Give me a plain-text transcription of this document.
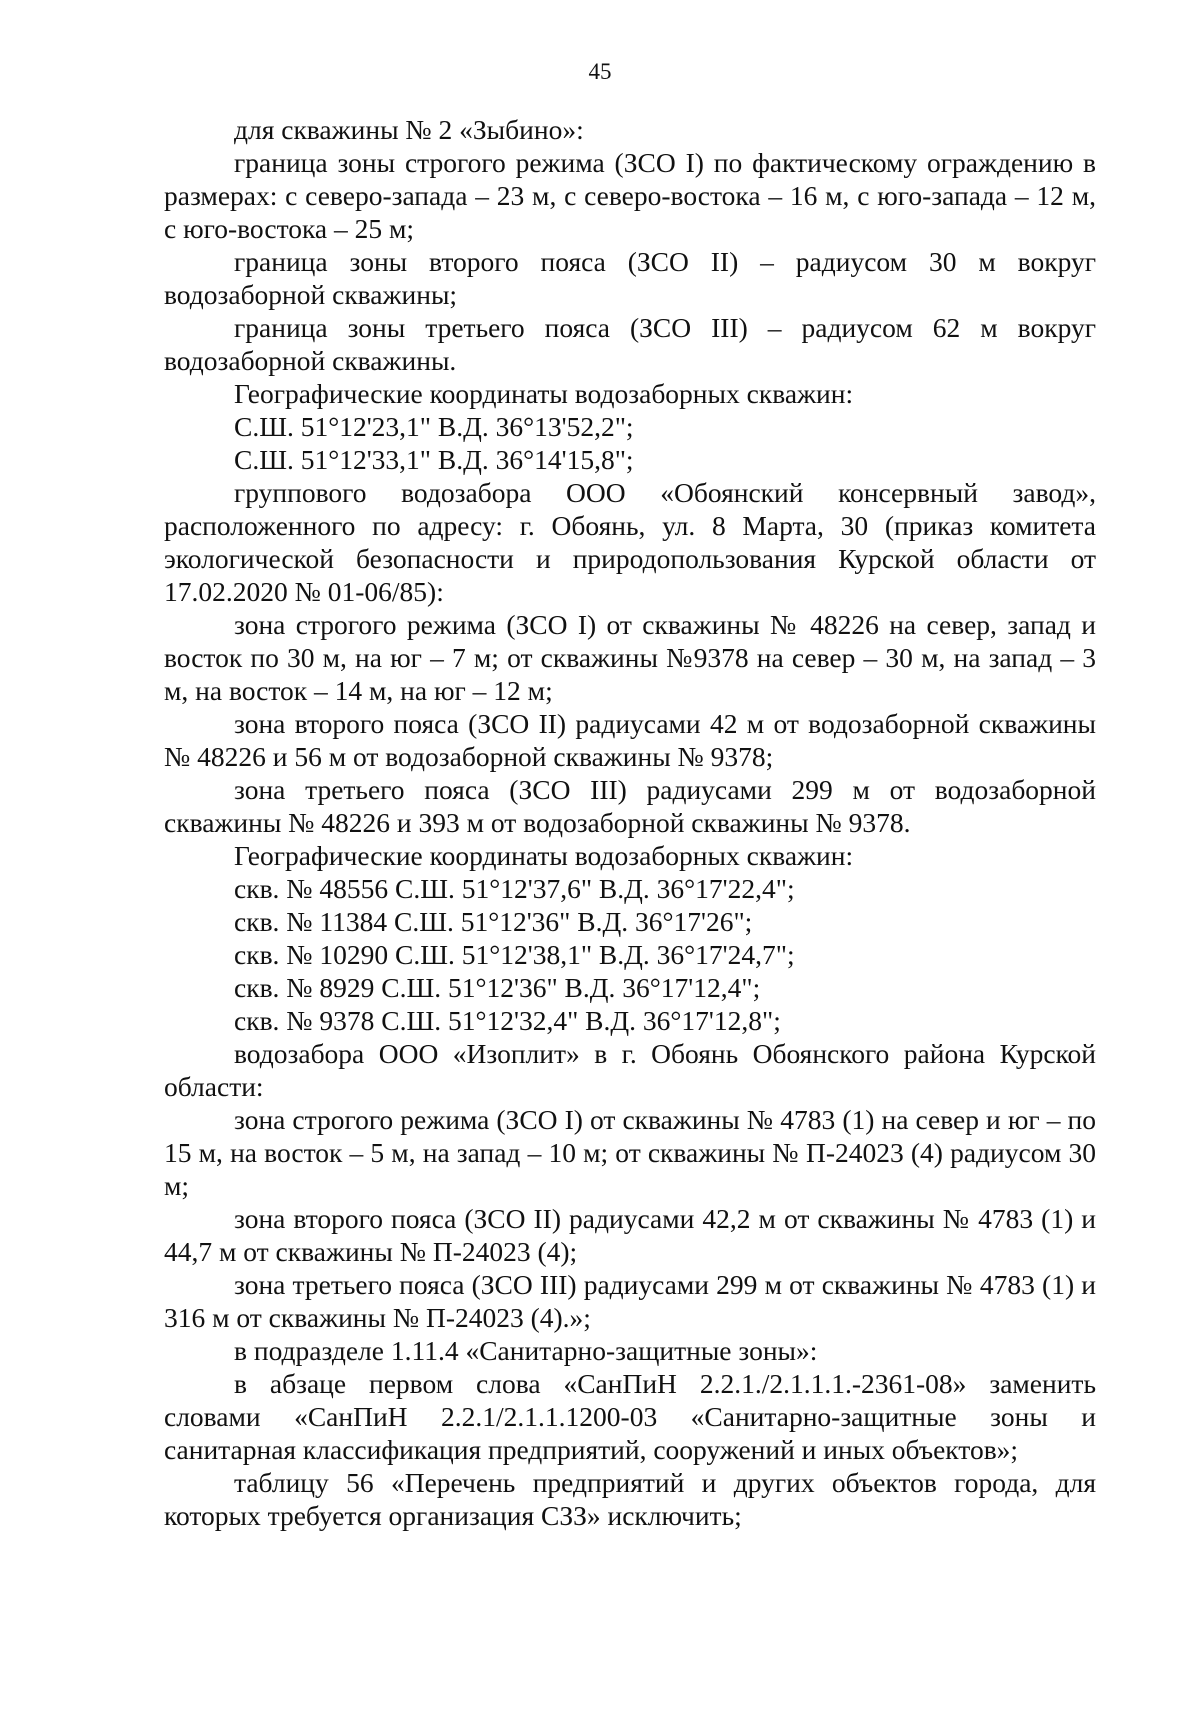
45

для скважины № 2 «Зыбино»:

граница зоны строгого режима (ЗСО I) по фактическому ограждению в размерах: с северо-запада – 23 м, с северо-востока – 16 м, с юго-запада – 12 м, с юго-востока – 25 м;

граница зоны второго пояса (ЗСО II) – радиусом 30 м вокруг водозаборной скважины;

граница зоны третьего пояса (ЗСО III) – радиусом 62 м вокруг водозаборной скважины.

Географические координаты водозаборных скважин:

С.Ш. 51°12'23,1" В.Д. 36°13'52,2";

С.Ш. 51°12'33,1" В.Д. 36°14'15,8";

группового водозабора ООО «Обоянский консервный завод», расположенного по адресу: г. Обоянь, ул. 8 Марта, 30 (приказ комитета экологической безопасности и природопользования Курской области от 17.02.2020 № 01-06/85):

зона строгого режима (ЗСО I) от скважины № 48226 на север, запад и восток по 30 м, на юг – 7 м; от скважины №9378 на север – 30 м, на запад – 3 м, на восток – 14 м, на юг – 12 м;

зона второго пояса (ЗСО II) радиусами 42 м от водозаборной скважины № 48226 и 56 м от водозаборной скважины № 9378;

зона третьего пояса (ЗСО III) радиусами 299 м от водозаборной скважины № 48226 и 393 м от водозаборной скважины № 9378.

Географические координаты водозаборных скважин:

скв. № 48556 С.Ш. 51°12'37,6" В.Д. 36°17'22,4";

скв. № 11384 С.Ш. 51°12'36" В.Д. 36°17'26";

скв. № 10290 С.Ш. 51°12'38,1" В.Д. 36°17'24,7";

скв. № 8929 С.Ш. 51°12'36" В.Д. 36°17'12,4";

скв. № 9378 С.Ш. 51°12'32,4" В.Д. 36°17'12,8";

водозабора ООО «Изоплит» в г. Обоянь Обоянского района Курской области:

зона строгого режима (ЗСО I) от скважины № 4783 (1) на север и юг – по 15 м, на восток – 5 м, на запад – 10 м; от скважины № П-24023 (4) радиусом 30 м;

зона второго пояса (ЗСО II) радиусами 42,2 м от скважины № 4783 (1) и 44,7 м от скважины № П-24023 (4);

зона третьего пояса (ЗСО III) радиусами 299 м от скважины № 4783 (1) и 316 м от скважины № П-24023 (4).»;

в подразделе 1.11.4 «Санитарно-защитные зоны»:

в абзаце первом слова «СанПиН 2.2.1./2.1.1.1.-2361-08» заменить словами «СанПиН 2.2.1/2.1.1.1200-03 «Санитарно-защитные зоны и санитарная классификация предприятий, сооружений и иных объектов»;

таблицу 56 «Перечень предприятий и других объектов города, для которых требуется организация СЗЗ» исключить;
